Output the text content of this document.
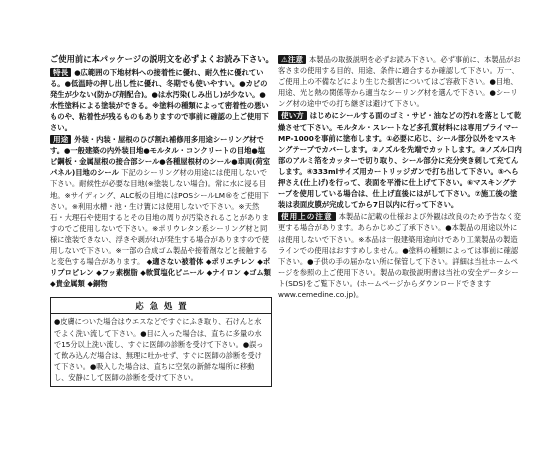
ご使用前に本パッケージの説明文を必ずよくお読み下さい。
特長 ●広範囲の下地材料への接着性に優れ、耐久性に優れている。●低温時の押し出し性に優れ、冬期でも使いやすい。●カビの発生が少ない(防かび剤配合)。●は水汚染(しみ出し)が少ない。●水性塗料による塗装ができる。※塗料の種類によって密着性の悪いものや、粘着性が残るものもありますので事前に確認の上ご使用下さい。
用途 外装・内装・屋根のひび割れ補修用多用途シーリング材です。●一般建築の内外装目地●モルタル・コンクリートの目地●塩ビ鋼板・金属屋根の接合部シール●各種屋根材のシール●車両(荷室パネル)目地のシール 下記のシーリング材の用途には使用しないで下さい。耐候性が必要な目地(※塗装しない場合)。常に水に浸る目地。※サイディング、ALC板の目地にはPOSシールLM®をご使用下さい。※利用水槽・池・生け簀には使用しないで下さい。※天然石・大理石や使用するとその目地の周りが汚染されることがありますのでご使用しないで下さい。※ポリウレタン系シーリング材と同様に塗装できない、浮きや剥がれが発生する場合がありますので使用しないで下さい。※一部の合成ゴム製品や接着剤などと接触すると変色する場合があります。 ◆適さない被着体 ◆ポリエチレン ◆ポリプロピレン ◆フッ素樹脂 ◆軟質塩化ビニール ◆ナイロン ◆ゴム類 ◆貴金属類 ◆銅物
応急処置
●皮膚についた場合はウエスなどですぐにふき取り、石けんと水でよく洗い流して下さい。●目に入った場合は、直ちに多量の水で15分以上洗い流し、すぐに医師の診断を受けて下さい。●誤って飲み込んだ場合は、無理に吐かせず、すぐに医師の診断を受けて下さい。●吸入した場合は、直ちに空気の新鮮な場所に移動し、安静にして医師の診断を受けて下さい。
⚠注意 本製品の取扱説明を必ずお読み下さい。必ず事前に、本製品がお客さまの使用する目的、用途、条件に適合するか確認して下さい。万一、ご使用上の不備などにより生じた損害についてはご容赦下さい。●目地、用途、光と熱の関係等から適当なシーリング材を選んで下さい。●シーリング材の途中での打ち継ぎは避けて下さい。
使い方 はじめにシールする面のゴミ・サビ・油などの汚れを落として乾燥させて下さい。モルタル・スレートなど多孔質材料には専用プライマーMP-1000を事前に塗布します。①必要に応じ、シール部分以外をマスキングテープでカバーします。②ノズルを先端でカットします。③ノズル口内部のアルミ箔をカッターで切り取り、シール部分に充分突き刺して充てんします。④333mlサイズ用カートリッジガンで打ち出して下さい。⑤へら押さえ(仕上げ)を行って、表面を平滑に仕上げて下さい。⑥マスキングテープを使用している場合は、仕上げ直後にはがして下さい。⑦施工後の塗装は表面皮膜が完成してから7日以内に行って下さい。
使用上の注意 本製品に記載の仕様および外観は改良のため予告なく変更する場合があります。あらかじめご了承下さい。●本製品の用途以外には使用しないで下さい。※本品は一般建築用途向けであり工業製品の製造ラインでの使用はおすすめしません。●塗料の種類によっては事前に確認下さい。●子供の手の届かない所に保管して下さい。詳細は当社ホームページを参照の上ご使用下さい。製品の取扱説明書は当社の安全データシート(SDS)をご覧下さい。(ホームページからダウンロードできます www.cemedine.co.jp)。
